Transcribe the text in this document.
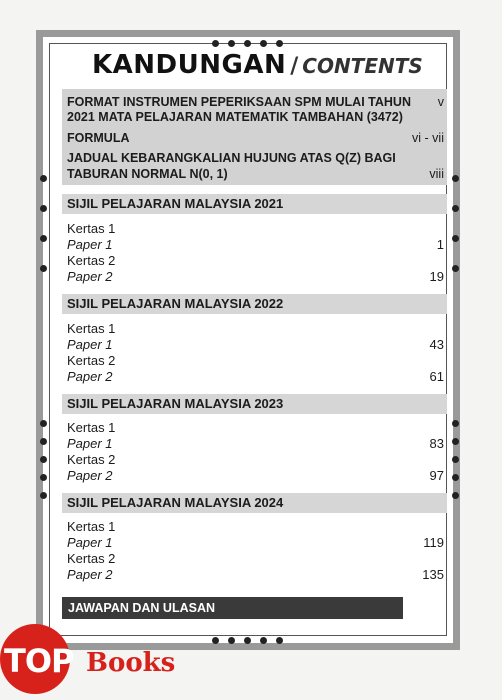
KANDUNGAN / CONTENTS
FORMAT INSTRUMEN PEPERIKSAAN SPM MULAI TAHUN v
2021 MATA PELAJARAN MATEMATIK TAMBAHAN (3472)
FORMULA	vi - vii
JADUAL KEBARANGKALIAN HUJUNG ATAS Q(Z) BAGI
TABURAN NORMAL N(0, 1)	viii
SIJIL PELAJARAN MALAYSIA 2021
Kertas 1
Paper 1	1
Kertas 2
Paper 2	19
SIJIL PELAJARAN MALAYSIA 2022
Kertas 1
Paper 1	43
Kertas 2
Paper 2	61
SIJIL PELAJARAN MALAYSIA 2023
Kertas 1
Paper 1	83
Kertas 2
Paper 2	97
SIJIL PELAJARAN MALAYSIA 2024
Kertas 1
Paper 1	119
Kertas 2
Paper 2	135
JAWAPAN DAN ULASAN
TOP Books
